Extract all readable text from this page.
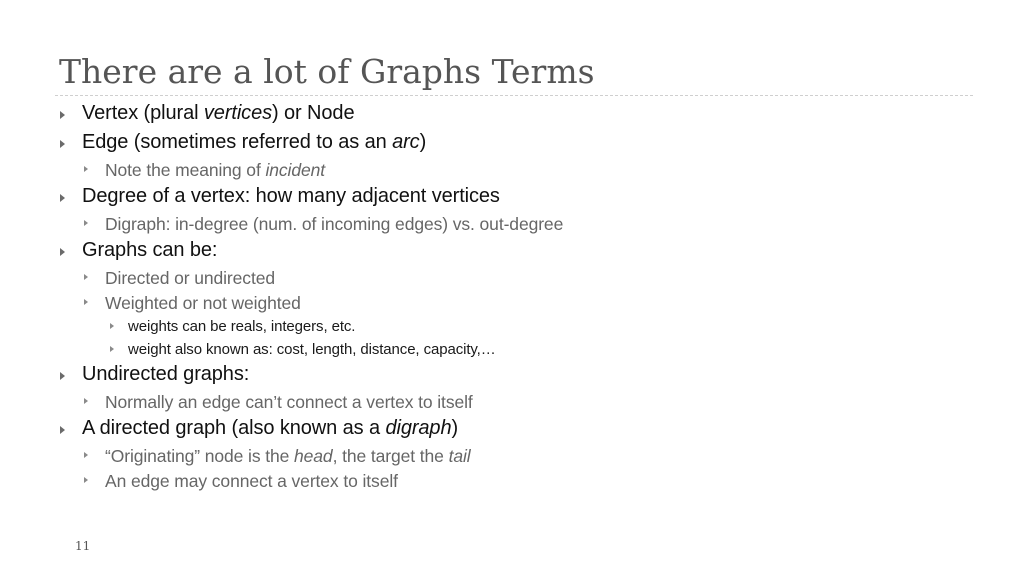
There are a lot of Graphs Terms
Vertex (plural vertices) or Node
Edge (sometimes referred to as an arc)
Note the meaning of incident
Degree of a vertex: how many adjacent vertices
Digraph: in-degree (num. of incoming edges) vs. out-degree
Graphs can be:
Directed or undirected
Weighted or not weighted
weights can be reals, integers, etc.
weight also known as: cost, length, distance, capacity,…
Undirected graphs:
Normally an edge can’t connect a vertex to itself
A directed graph (also known as a digraph)
“Originating” node is the head, the target the tail
An edge may connect a vertex to itself
11
